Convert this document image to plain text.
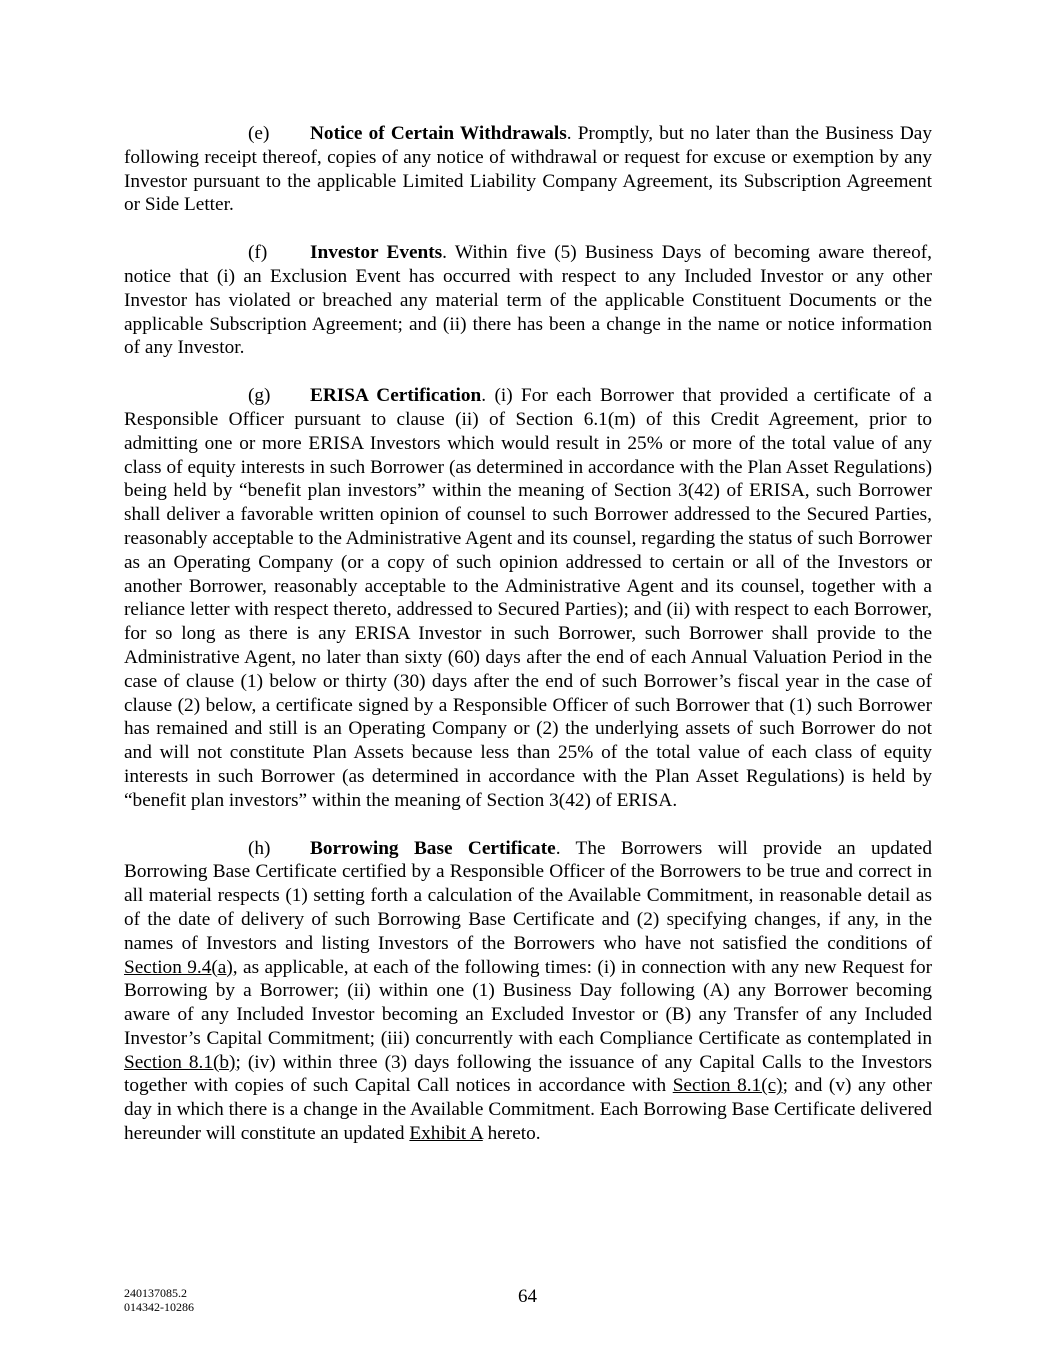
(e) Notice of Certain Withdrawals. Promptly, but no later than the Business Day following receipt thereof, copies of any notice of withdrawal or request for excuse or exemption by any Investor pursuant to the applicable Limited Liability Company Agreement, its Subscription Agreement or Side Letter.

(f) Investor Events. Within five (5) Business Days of becoming aware thereof, notice that (i) an Exclusion Event has occurred with respect to any Included Investor or any other Investor has violated or breached any material term of the applicable Constituent Documents or the applicable Subscription Agreement; and (ii) there has been a change in the name or notice information of any Investor.

(g) ERISA Certification. (i) For each Borrower that provided a certificate of a Responsible Officer pursuant to clause (ii) of Section 6.1(m) of this Credit Agreement, prior to admitting one or more ERISA Investors which would result in 25% or more of the total value of any class of equity interests in such Borrower (as determined in accordance with the Plan Asset Regulations) being held by “benefit plan investors” within the meaning of Section 3(42) of ERISA, such Borrower shall deliver a favorable written opinion of counsel to such Borrower addressed to the Secured Parties, reasonably acceptable to the Administrative Agent and its counsel, regarding the status of such Borrower as an Operating Company (or a copy of such opinion addressed to certain or all of the Investors or another Borrower, reasonably acceptable to the Administrative Agent and its counsel, together with a reliance letter with respect thereto, addressed to Secured Parties); and (ii) with respect to each Borrower, for so long as there is any ERISA Investor in such Borrower, such Borrower shall provide to the Administrative Agent, no later than sixty (60) days after the end of each Annual Valuation Period in the case of clause (1) below or thirty (30) days after the end of such Borrower’s fiscal year in the case of clause (2) below, a certificate signed by a Responsible Officer of such Borrower that (1) such Borrower has remained and still is an Operating Company or (2) the underlying assets of such Borrower do not and will not constitute Plan Assets because less than 25% of the total value of each class of equity interests in such Borrower (as determined in accordance with the Plan Asset Regulations) is held by “benefit plan investors” within the meaning of Section 3(42) of ERISA.

(h) Borrowing Base Certificate. The Borrowers will provide an updated Borrowing Base Certificate certified by a Responsible Officer of the Borrowers to be true and correct in all material respects (1) setting forth a calculation of the Available Commitment, in reasonable detail as of the date of delivery of such Borrowing Base Certificate and (2) specifying changes, if any, in the names of Investors and listing Investors of the Borrowers who have not satisfied the conditions of Section 9.4(a), as applicable, at each of the following times: (i) in connection with any new Request for Borrowing by a Borrower; (ii) within one (1) Business Day following (A) any Borrower becoming aware of any Included Investor becoming an Excluded Investor or (B) any Transfer of any Included Investor’s Capital Commitment; (iii) concurrently with each Compliance Certificate as contemplated in Section 8.1(b); (iv) within three (3) days following the issuance of any Capital Calls to the Investors together with copies of such Capital Call notices in accordance with Section 8.1(c); and (v) any other day in which there is a change in the Available Commitment. Each Borrowing Base Certificate delivered hereunder will constitute an updated Exhibit A hereto.

240137085.2
014342-10286	64
